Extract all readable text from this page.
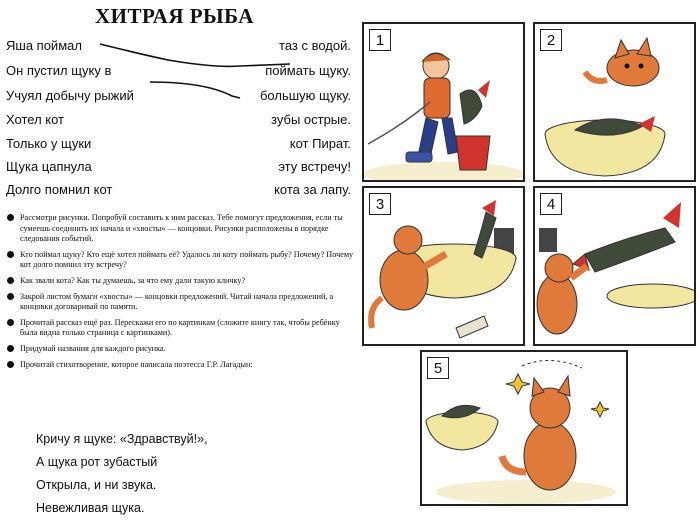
ХИТРАЯ РЫБА
Яша поймал	таз с водой.
Он пустил щуку в	поймать щуку.
Учуял добычу рыжий	большую щуку.
Хотел кот	зубы острые.
Только у щуки	кот Пират.
Щука цапнула	эту встречу!
Долго помнил кот	кота за лапу.
Рассмотри рисунки. Попробуй составить к ним рассказ. Тебе помогут предложения, если ты сумеешь соединить их начала и «хвосты» — концовки. Рисунки расположены в порядке следования событий.
Кто поймал щуку? Кто ещё хотел поймать её? Удалось ли коту поймать рыбу? Почему? Почему кот долго помнил эту встречу?
Как звали кота? Как ты думаешь, за что ему дали такую кличку?
Закрой листом бумаги «хвосты» — концовки предложений. Читай начала предложений, а концовки договаривай по памяти.
Прочитай рассказ ещё раз. Перескажи его по картинкам (сложите книгу так, чтобы ребёнку была видна только страница с картинками).
Придумай названия для каждого рисунка.
Прочитай стихотворение, которое написала поэтесса Г.Р. Лагадын:
Кричу я щуке: «Здравствуй!»,
А щука рот зубастый
Открыла, и ни звука.
Невежливая щука.
1	2
3	4
5
